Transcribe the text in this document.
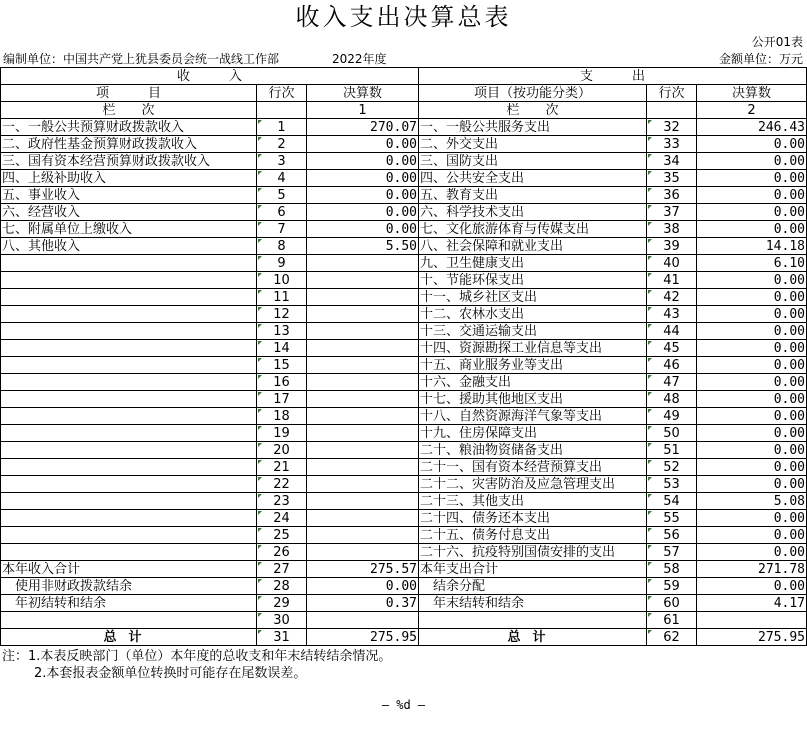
收入支出决算总表
公开01表
编制单位：中国共产党上犹县委员会统一战线工作部	2022年度	金额单位：万元
收　　　入			支　　　出		
项　　　目	行次	决算数	项目（按功能分类）	行次	决算数
栏　　次		1	栏　　次		2
一、一般公共预算财政拨款收入	1	270.07	一、一般公共服务支出	32	246.43
二、政府性基金预算财政拨款收入	2	0.00	二、外交支出	33	0.00
三、国有资本经营预算财政拨款收入	3	0.00	三、国防支出	34	0.00
四、上级补助收入	4	0.00	四、公共安全支出	35	0.00
五、事业收入	5	0.00	五、教育支出	36	0.00
六、经营收入	6	0.00	六、科学技术支出	37	0.00
七、附属单位上缴收入	7	0.00	七、文化旅游体育与传媒支出	38	0.00
八、其他收入	8	5.50	八、社会保障和就业支出	39	14.18
	9		九、卫生健康支出	40	6.10
	10		十、节能环保支出	41	0.00
	11		十一、城乡社区支出	42	0.00
	12		十二、农林水支出	43	0.00
	13		十三、交通运输支出	44	0.00
	14		十四、资源勘探工业信息等支出	45	0.00
	15		十五、商业服务业等支出	46	0.00
	16		十六、金融支出	47	0.00
	17		十七、援助其他地区支出	48	0.00
	18		十八、自然资源海洋气象等支出	49	0.00
	19		十九、住房保障支出	50	0.00
	20		二十、粮油物资储备支出	51	0.00
	21		二十一、国有资本经营预算支出	52	0.00
	22		二十二、灾害防治及应急管理支出	53	0.00
	23		二十三、其他支出	54	5.08
	24		二十四、债务还本支出	55	0.00
	25		二十五、债务付息支出	56	0.00
	26		二十六、抗疫特别国债安排的支出	57	0.00
本年收入合计	27	275.57	本年支出合计	58	271.78
使用非财政拨款结余	28	0.00	结余分配	59	0.00
年初结转和结余	29	0.37	年末结转和结余	60	4.17
	30			61	
总计	31	275.95	总计	62	275.95
注：1.本表反映部门（单位）本年度的总收支和年末结转结余情况。
2.本套报表金额单位转换时可能存在尾数误差。
— %d —
